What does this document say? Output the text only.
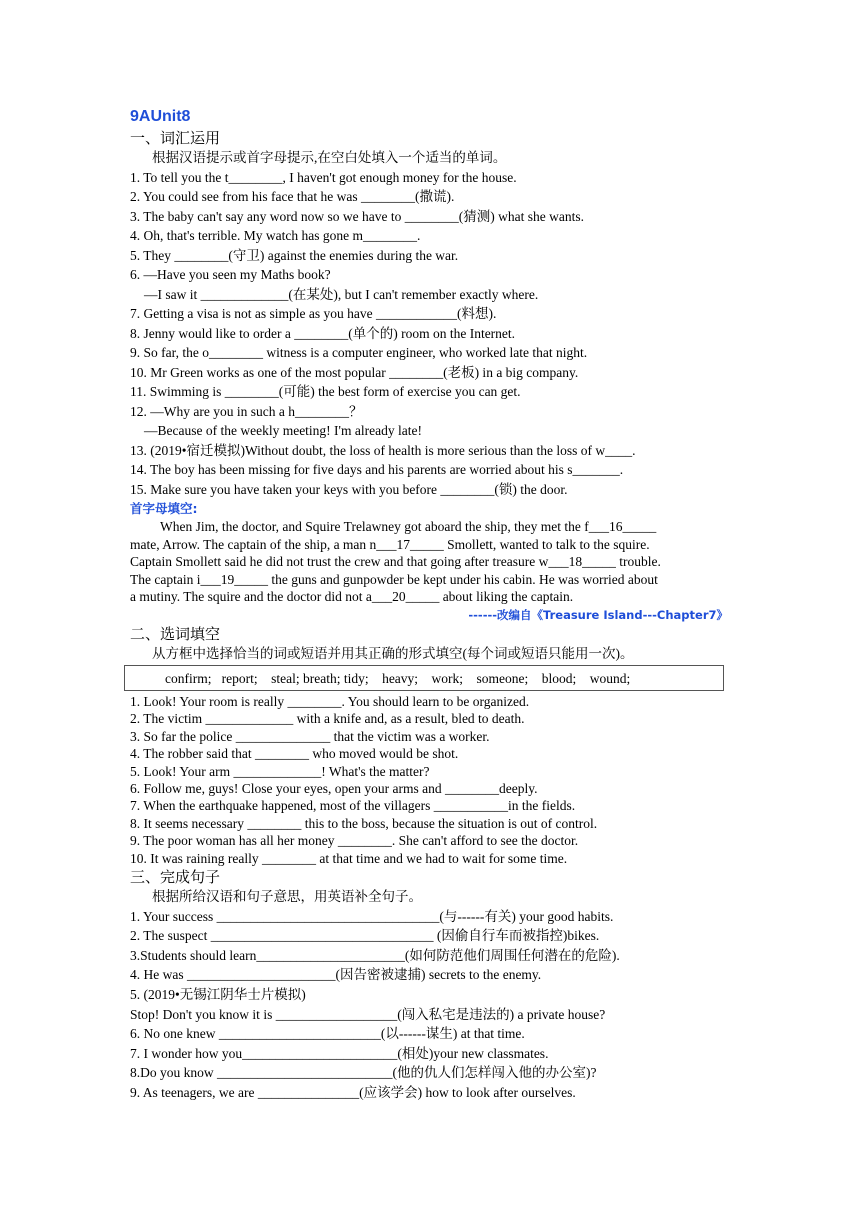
9AUnit8
一、词汇运用
根据汉语提示或首字母提示,在空白处填入一个适当的单词。
1. To tell you the t________, I haven't got enough money for the house.
2. You could see from his face that he was ________(撒谎).
3. The baby can't say any word now so we have to ________(猜测) what she wants.
4. Oh, that's terrible. My watch has gone m________.
5. They ________(守卫) against the enemies during the war.
6. —Have you seen my Maths book?
—I saw it _____________(在某处), but I can't remember exactly where.
7. Getting a visa is not as simple as you have ____________(料想).
8. Jenny would like to order a ________(单个的) room on the Internet.
9. So far, the o________ witness is a computer engineer, who worked late that night.
10. Mr Green works as one of the most popular ________(老板) in a big company.
11. Swimming is ________(可能) the best form of exercise you can get.
12. —Why are you in such a h________？
—Because of the weekly meeting! I'm already late!
13. (2019•宿迁模拟)Without doubt, the loss of health is more serious than the loss of w____.
14. The boy has been missing for five days and his parents are worried about his s_______.
15. Make sure you have taken your keys with you before ________(锁) the door.
首字母填空:
When Jim, the doctor, and Squire Trelawney got aboard the ship, they met the f___16_____
mate, Arrow. The captain of the ship, a man n___17_____ Smollett, wanted to talk to the squire.
Captain Smollett said he did not trust the crew and that going after treasure w___18_____ trouble.
The captain i___19_____ the guns and gunpowder be kept under his cabin. He was worried about
a mutiny. The squire and the doctor did not a___20_____ about liking the captain.
------改编自《Treasure Island---Chapter7》
二、选词填空
从方框中选择恰当的词或短语并用其正确的形式填空(每个词或短语只能用一次)。
confirm;   report;    steal; breath; tidy;    heavy;    work;    someone;    blood;    wound;
1. Look! Your room is really ________. You should learn to be organized.
2. The victim _____________ with a knife and, as a result, bled to death.
3. So far the police ______________ that the victim was a worker.
4. The robber said that ________ who moved would be shot.
5. Look! Your arm _____________! What's the matter?
6. Follow me, guys! Close your eyes, open your arms and ________deeply.
7. When the earthquake happened, most of the villagers ___________in the fields.
8. It seems necessary ________ this to the boss, because the situation is out of control.
9. The poor woman has all her money ________. She can't afford to see the doctor.
10. It was raining really ________ at that time and we had to wait for some time.
三、完成句子
根据所给汉语和句子意思，用英语补全句子。
1. Your success _________________________________(与------有关) your good habits.
2. The suspect _________________________________ (因偷自行车而被指控)bikes.
3.Students should learn______________________(如何防范他们周围任何潜在的危险).
4. He was ______________________(因告密被逮捕) secrets to the enemy.
5. (2019•无锡江阴华士片模拟)
Stop! Don't you know it is __________________(闯入私宅是违法的) a private house?
6. No one knew ________________________(以------谋生) at that time.
7. I wonder how you_______________________(相处)your new classmates.
8.Do you know __________________________(他的仇人们怎样闯入他的办公室)?
9. As teenagers, we are _______________(应该学会) how to look after ourselves.
